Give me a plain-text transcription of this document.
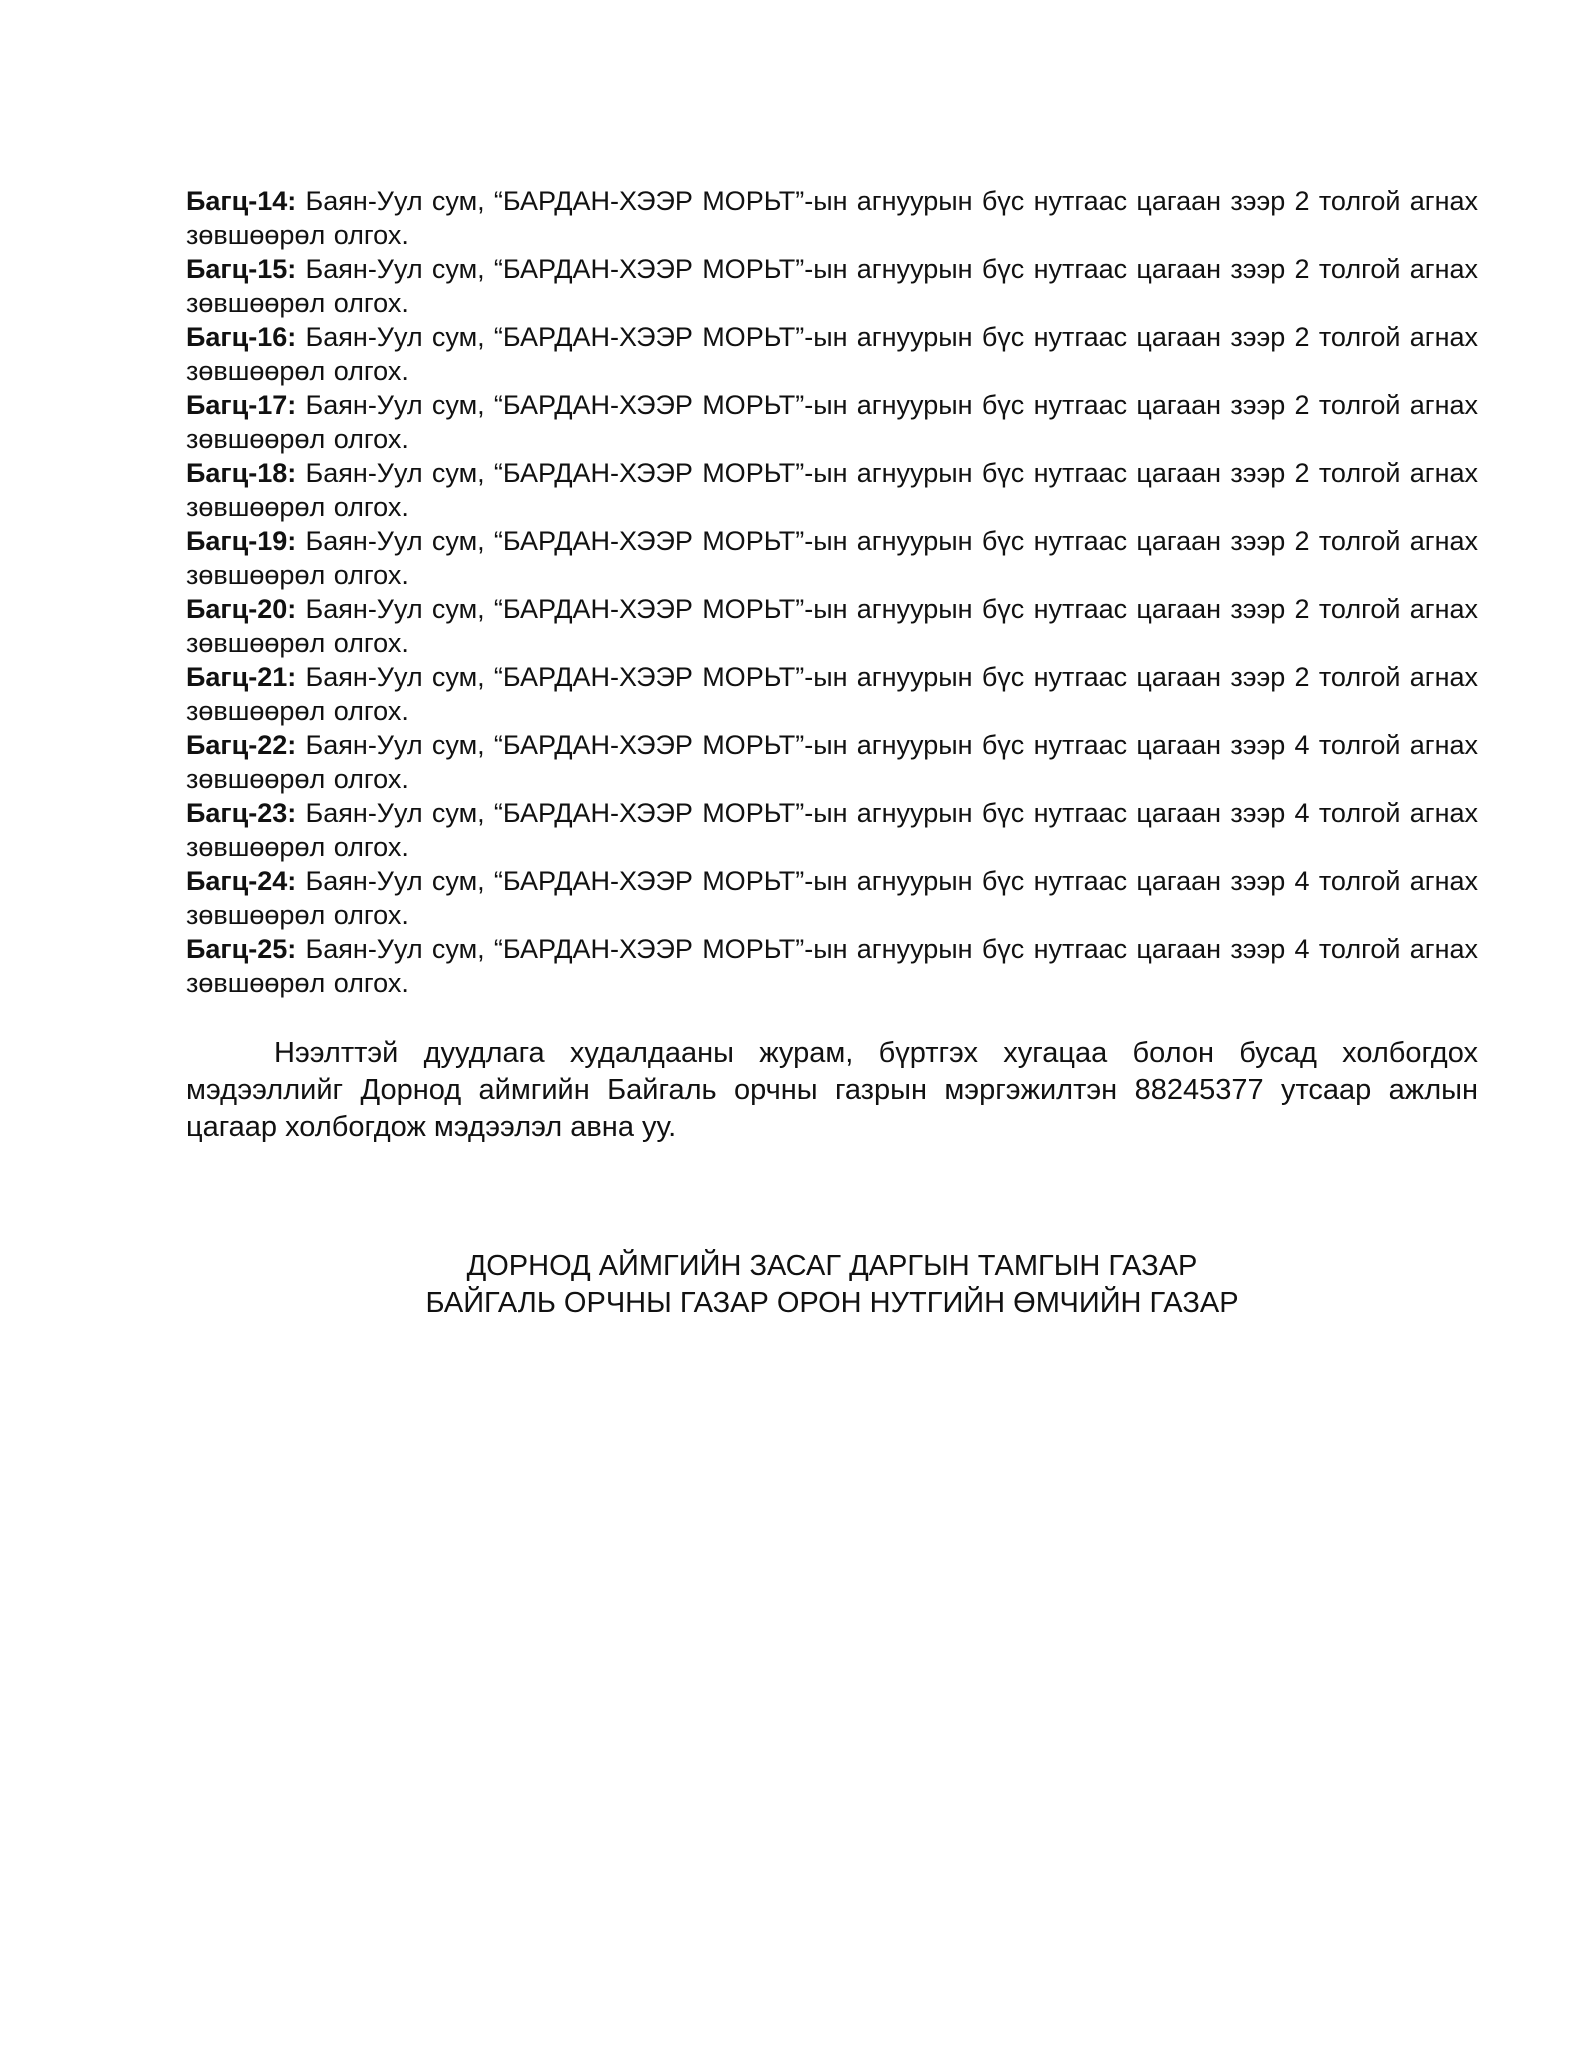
Багц-14: Баян-Уул сум, “БАРДАН-ХЭЭР МОРЬТ”-ын агнуурын бүс нутгаас цагаан зээр 2 толгой агнах зөвшөөрөл олгох.

Багц-15: Баян-Уул сум, “БАРДАН-ХЭЭР МОРЬТ”-ын агнуурын бүс нутгаас цагаан зээр 2 толгой агнах зөвшөөрөл олгох.

Багц-16: Баян-Уул сум, “БАРДАН-ХЭЭР МОРЬТ”-ын агнуурын бүс нутгаас цагаан зээр 2 толгой агнах зөвшөөрөл олгох.

Багц-17: Баян-Уул сум, “БАРДАН-ХЭЭР МОРЬТ”-ын агнуурын бүс нутгаас цагаан зээр 2 толгой агнах зөвшөөрөл олгох.

Багц-18: Баян-Уул сум, “БАРДАН-ХЭЭР МОРЬТ”-ын агнуурын бүс нутгаас цагаан зээр 2 толгой агнах зөвшөөрөл олгох.

Багц-19: Баян-Уул сум, “БАРДАН-ХЭЭР МОРЬТ”-ын агнуурын бүс нутгаас цагаан зээр 2 толгой агнах зөвшөөрөл олгох.

Багц-20: Баян-Уул сум, “БАРДАН-ХЭЭР МОРЬТ”-ын агнуурын бүс нутгаас цагаан зээр 2 толгой агнах зөвшөөрөл олгох.

Багц-21: Баян-Уул сум, “БАРДАН-ХЭЭР МОРЬТ”-ын агнуурын бүс нутгаас цагаан зээр 2 толгой агнах зөвшөөрөл олгох.

Багц-22: Баян-Уул сум, “БАРДАН-ХЭЭР МОРЬТ”-ын агнуурын бүс нутгаас цагаан зээр 4 толгой агнах зөвшөөрөл олгох.

Багц-23: Баян-Уул сум, “БАРДАН-ХЭЭР МОРЬТ”-ын агнуурын бүс нутгаас цагаан зээр 4 толгой агнах зөвшөөрөл олгох.

Багц-24: Баян-Уул сум, “БАРДАН-ХЭЭР МОРЬТ”-ын агнуурын бүс нутгаас цагаан зээр 4 толгой агнах зөвшөөрөл олгох.

Багц-25: Баян-Уул сум, “БАРДАН-ХЭЭР МОРЬТ”-ын агнуурын бүс нутгаас цагаан зээр 4 толгой агнах зөвшөөрөл олгох.

Нээлттэй дуудлага худалдааны журам, бүртгэх хугацаа болон бусад холбогдох мэдээллийг Дорнод аймгийн Байгаль орчны газрын мэргэжилтэн 88245377 утсаар ажлын цагаар холбогдож мэдээлэл авна уу.

ДОРНОД АЙМГИЙН ЗАСАГ ДАРГЫН ТАМГЫН ГАЗАР
БАЙГАЛЬ ОРЧНЫ ГАЗАР ОРОН НУТГИЙН ӨМЧИЙН ГАЗАР
